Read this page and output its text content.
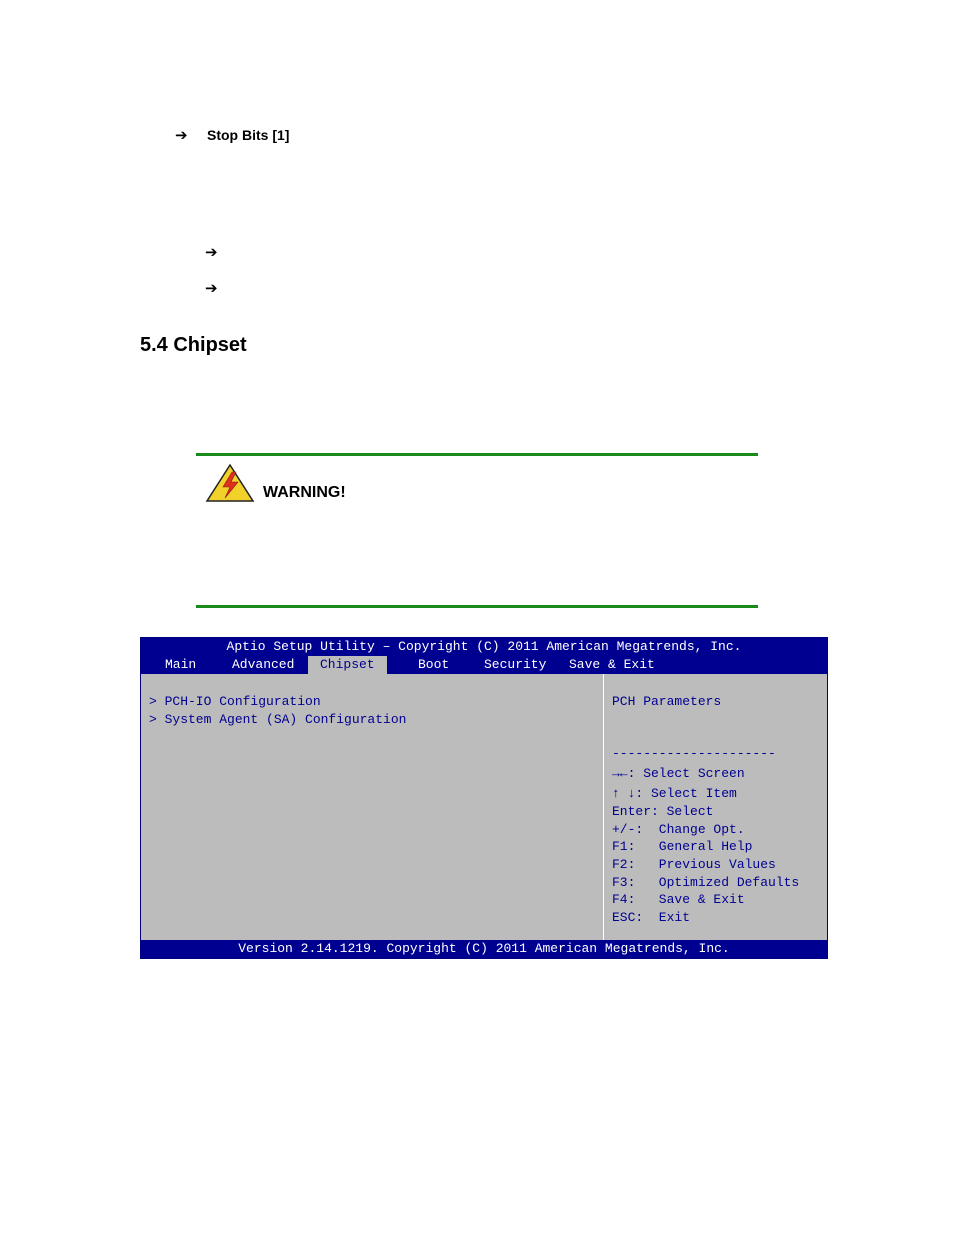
➔ Stop Bits [1]
➔
➔
5.4 Chipset
WARNING!
Aptio Setup Utility – Copyright (C) 2011 American Megatrends, Inc.
Main	Advanced	Chipset	Boot	Security Save & Exit
> PCH-IO Configuration
> System Agent (SA) Configuration
PCH Parameters
---------------------
→←: Select Screen
↑ ↓: Select Item
Enter: Select
+/-:  Change Opt.
F1:   General Help
F2:   Previous Values
F3:   Optimized Defaults
F4:   Save & Exit
ESC:  Exit
Version 2.14.1219. Copyright (C) 2011 American Megatrends, Inc.
